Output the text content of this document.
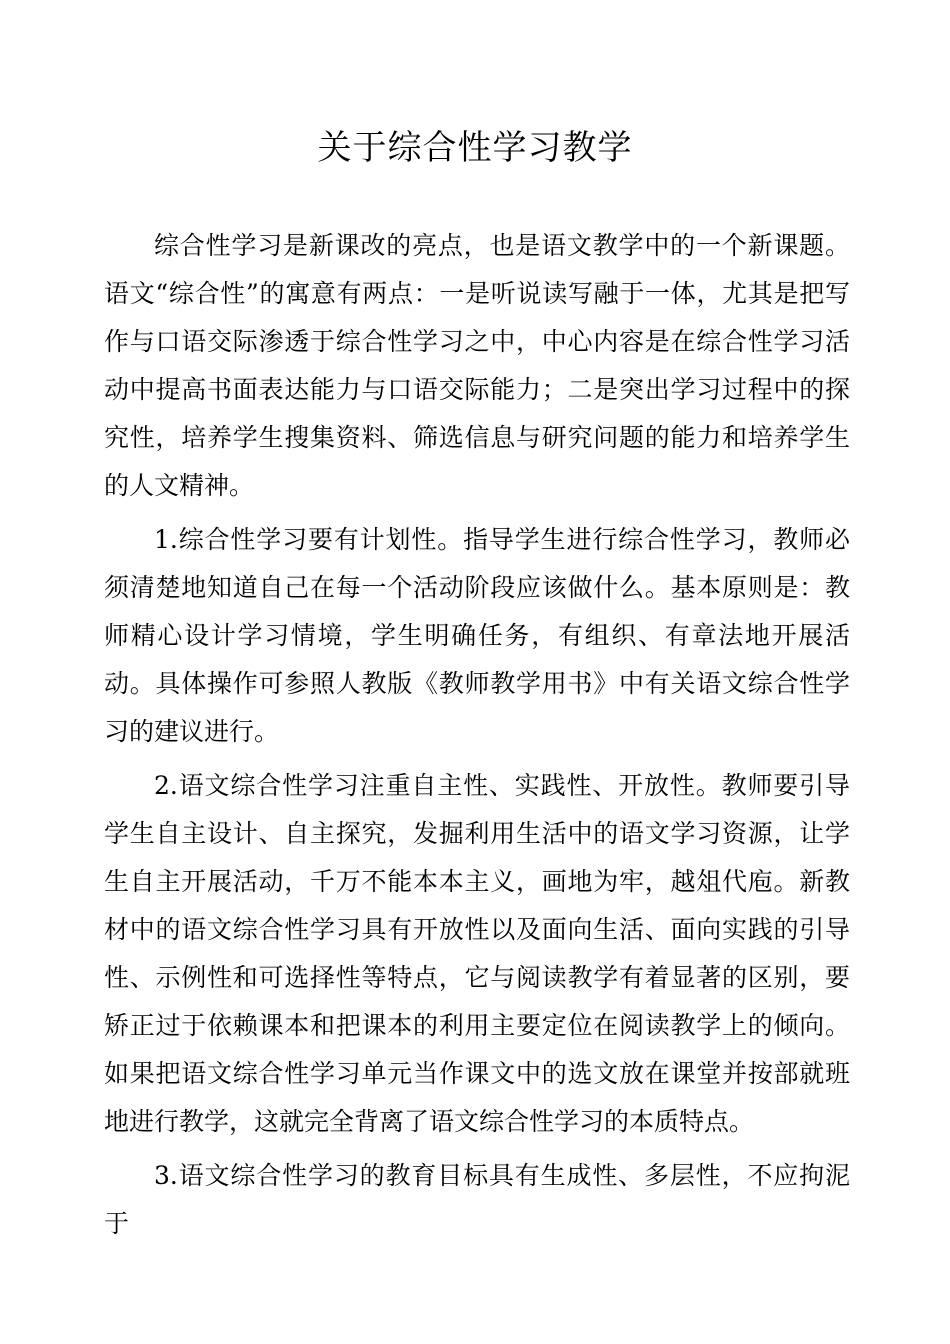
关于综合性学习教学

综合性学习是新课改的亮点，也是语文教学中的一个新课题。语文“综合性”的寓意有两点：一是听说读写融于一体，尤其是把写作与口语交际渗透于综合性学习之中，中心内容是在综合性学习活动中提高书面表达能力与口语交际能力；二是突出学习过程中的探究性，培养学生搜集资料、筛选信息与研究问题的能力和培养学生的人文精神。

1.综合性学习要有计划性。指导学生进行综合性学习，教师必须清楚地知道自己在每一个活动阶段应该做什么。基本原则是：教师精心设计学习情境，学生明确任务，有组织、有章法地开展活动。具体操作可参照人教版《教师教学用书》中有关语文综合性学习的建议进行。

2.语文综合性学习注重自主性、实践性、开放性。教师要引导学生自主设计、自主探究，发掘利用生活中的语文学习资源，让学生自主开展活动，千万不能本本主义，画地为牢，越俎代庖。新教材中的语文综合性学习具有开放性以及面向生活、面向实践的引导性、示例性和可选择性等特点，它与阅读教学有着显著的区别，要矫正过于依赖课本和把课本的利用主要定位在阅读教学上的倾向。 如果把语文综合性学习单元当作课文中的选文放在课堂并按部就班地进行教学，这就完全背离了语文综合性学习的本质特点。

3.语文综合性学习的教育目标具有生成性、多层性，不应拘泥于
